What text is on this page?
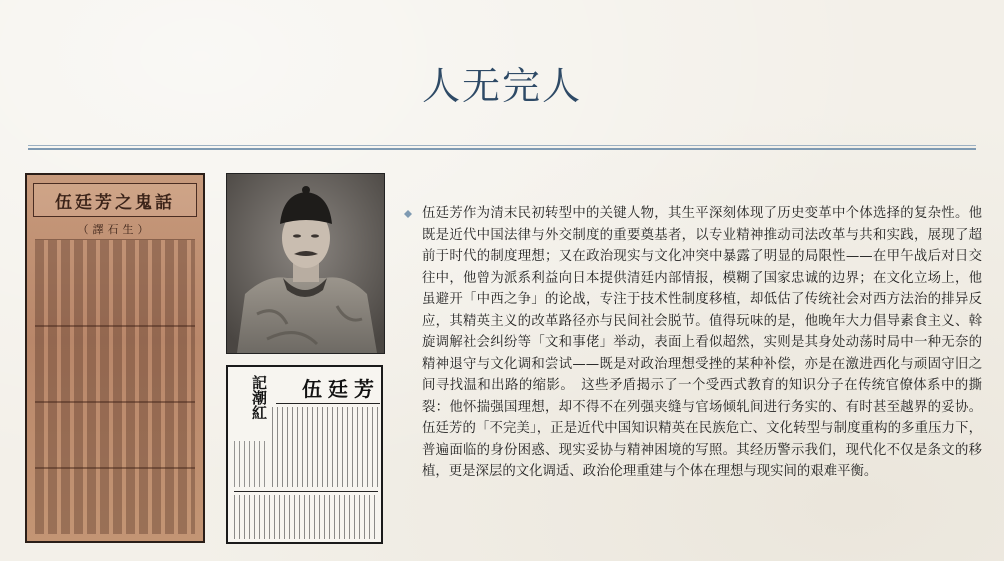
人无完人
伍廷芳之鬼話
（譯石生）
記潮紅	伍廷芳
伍廷芳作为清末民初转型中的关键人物，其生平深刻体现了历史变革中个体选择的复杂性。他既是近代中国法律与外交制度的重要奠基者，以专业精神推动司法改革与共和实践，展现了超前于时代的制度理想；又在政治现实与文化冲突中暴露了明显的局限性——在甲午战后对日交往中，他曾为派系利益向日本提供清廷内部情报，模糊了国家忠诚的边界；在文化立场上，他虽避开「中西之争」的论战，专注于技术性制度移植，却低估了传统社会对西方法治的排异反应，其精英主义的改革路径亦与民间社会脱节。值得玩味的是，他晚年大力倡导素食主义、斡旋调解社会纠纷等「文和事佬」举动，表面上看似超然，实则是其身处动荡时局中一种无奈的精神退守与文化调和尝试——既是对政治理想受挫的某种补偿，亦是在激进西化与顽固守旧之间寻找温和出路的缩影。　这些矛盾揭示了一个受西式教育的知识分子在传统官僚体系中的撕裂：他怀揣强国理想，却不得不在列强夹缝与官场倾轧间进行务实的、有时甚至越界的妥协。伍廷芳的「不完美」，正是近代中国知识精英在民族危亡、文化转型与制度重构的多重压力下，普遍面临的身份困惑、现实妥协与精神困境的写照。其经历警示我们，现代化不仅是条文的移植，更是深层的文化调适、政治伦理重建与个体在理想与现实间的艰难平衡。
